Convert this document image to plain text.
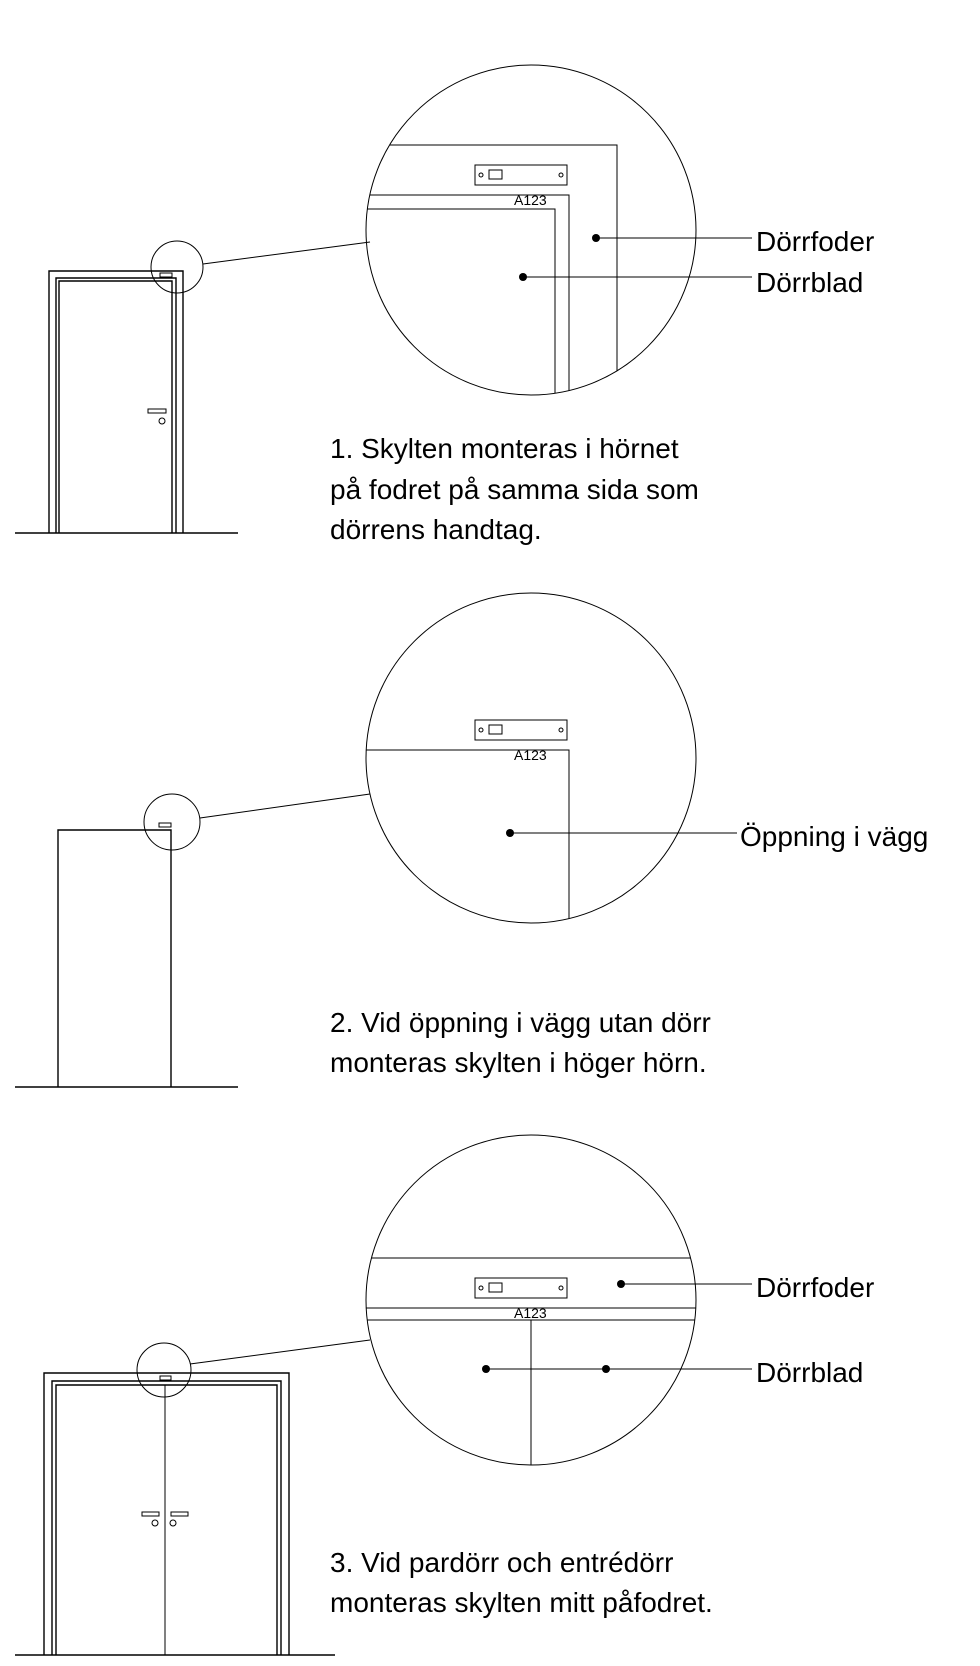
A123
Dörrfoder
Dörrblad
1. Skylten monteras i hörnet
på fodret på samma sida som
dörrens handtag.
A123
Öppning i vägg
2. Vid öppning i vägg utan dörr
monteras skylten i höger hörn.
A123
Dörrfoder
Dörrblad
3. Vid pardörr och entrédörr
monteras skylten mitt påfodret.
